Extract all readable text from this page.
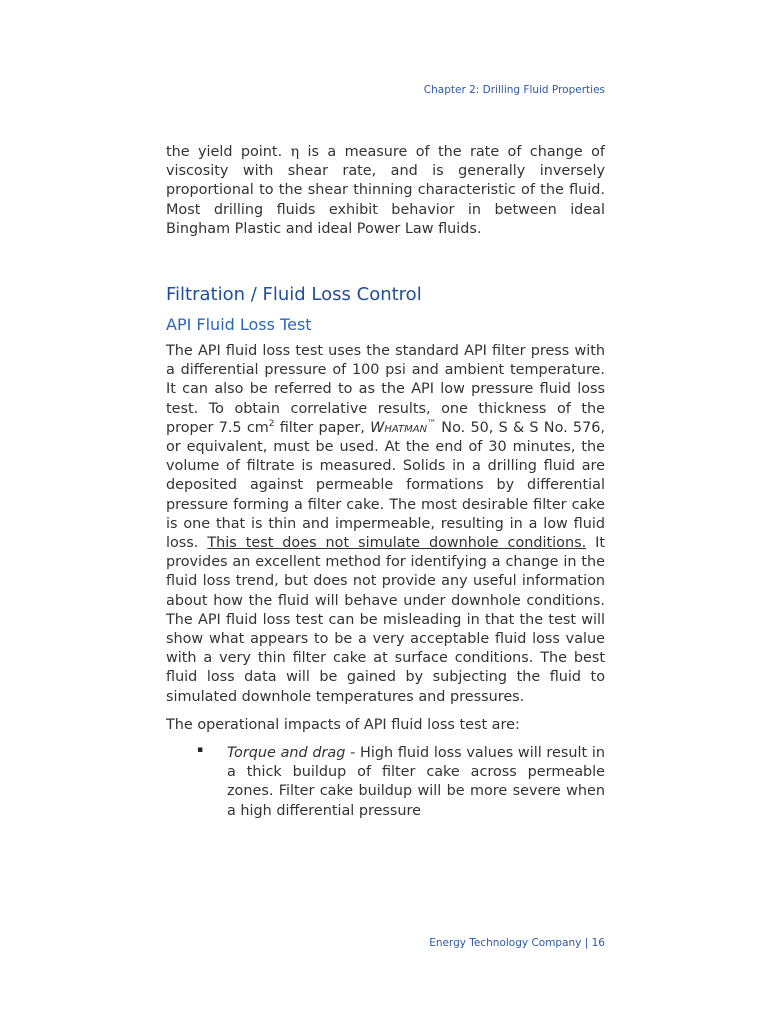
Chapter 2: Drilling Fluid Properties

the yield point. η is a measure of the rate of change of viscosity with shear rate, and is generally inversely proportional to the shear thinning characteristic of the fluid. Most drilling fluids exhibit behavior in between ideal Bingham Plastic and ideal Power Law fluids.

Filtration / Fluid Loss Control
API Fluid Loss Test

The API fluid loss test uses the standard API filter press with a differential pressure of 100 psi and ambient temperature. It can also be referred to as the API low pressure fluid loss test. To obtain correlative results, one thickness of the proper 7.5 $cm^2$ filter paper, Whatman™ No. 50, S & S No. 576, or equivalent, must be used. At the end of 30 minutes, the volume of filtrate is measured. Solids in a drilling fluid are deposited against permeable formations by differential pressure forming a filter cake. The most desirable filter cake is one that is thin and impermeable, resulting in a low fluid loss. This test does not simulate downhole conditions. It provides an excellent method for identifying a change in the fluid loss trend, but does not provide any useful information about how the fluid will behave under downhole conditions. The API fluid loss test can be misleading in that the test will show what appears to be a very acceptable fluid loss value with a very thin filter cake at surface conditions. The best fluid loss data will be gained by subjecting the fluid to simulated downhole temperatures and pressures.

The operational impacts of API fluid loss test are:

▪ Torque and drag - High fluid loss values will result in a thick buildup of filter cake across permeable zones. Filter cake buildup will be more severe when a high differential pressure

Energy Technology Company | 16
